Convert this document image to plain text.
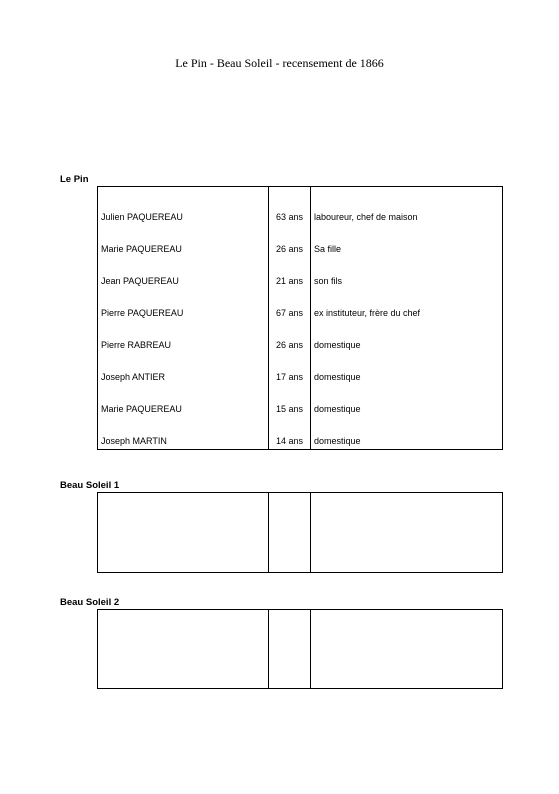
Le Pin - Beau Soleil - recensement de 1866
Le Pin
Julien PAQUEREAU	63 ans	laboureur, chef de maison
Marie PAQUEREAU	26 ans	Sa fille
Jean PAQUEREAU	21 ans	son fils
Pierre PAQUEREAU	67 ans	ex instituteur, frère du chef
Pierre RABREAU	26 ans	domestique
Joseph ANTIER	17 ans	domestique
Marie PAQUEREAU	15 ans	domestique
Joseph MARTIN	14 ans	domestique
Beau Soleil 1

Beau Soleil 2
